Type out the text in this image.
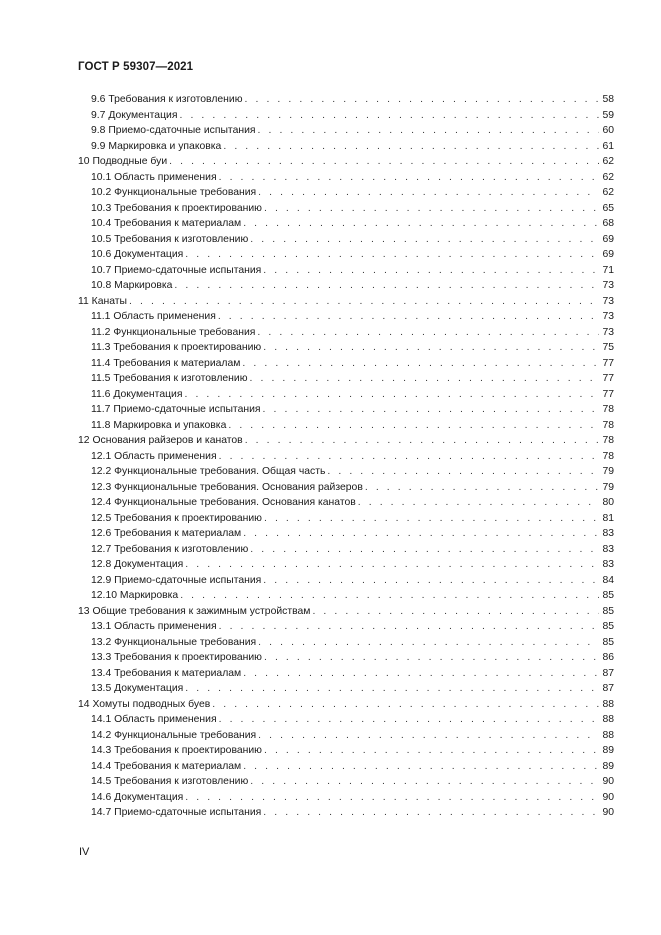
ГОСТ Р 59307—2021
9.6 Требования к изготовлению . . .	58
9.7 Документация . . .	59
9.8 Приемо-сдаточные испытания . . .	60
9.9 Маркировка и упаковка . . .	61
10 Подводные буи . . .	62
10.1 Область применения . . .	62
10.2 Функциональные требования . . .	62
10.3 Требования к проектированию . . .	65
10.4 Требования к материалам . . .	68
10.5 Требования к изготовлению . . .	69
10.6 Документация . . .	69
10.7 Приемо-сдаточные испытания . . .	71
10.8 Маркировка . . .	73
11 Канаты . . .	73
11.1 Область применения . . .	73
11.2 Функциональные требования . . .	73
11.3 Требования к проектированию . . .	75
11.4 Требования к материалам . . .	77
11.5 Требования к изготовлению . . .	77
11.6 Документация . . .	77
11.7 Приемо-сдаточные испытания . . .	78
11.8 Маркировка и упаковка . . .	78
12 Основания райзеров и канатов . . .	78
12.1 Область применения . . .	78
12.2 Функциональные требования. Общая часть . . .	79
12.3 Функциональные требования. Основания райзеров . . .	79
12.4 Функциональные требования. Основания канатов . . .	80
12.5 Требования к проектированию . . .	81
12.6 Требования к материалам . . .	83
12.7 Требования к изготовлению . . .	83
12.8 Документация . . .	83
12.9 Приемо-сдаточные испытания . . .	84
12.10 Маркировка . . .	85
13 Общие требования к зажимным устройствам . . .	85
13.1 Область применения . . .	85
13.2 Функциональные требования . . .	85
13.3 Требования к проектированию . . .	86
13.4 Требования к материалам . . .	87
13.5 Документация . . .	87
14 Хомуты подводных буев . . .	88
14.1 Область применения . . .	88
14.2 Функциональные требования . . .	88
14.3 Требования к проектированию . . .	89
14.4 Требования к материалам . . .	89
14.5 Требования к изготовлению . . .	90
14.6 Документация . . .	90
14.7 Приемо-сдаточные испытания . . .	90
IV
